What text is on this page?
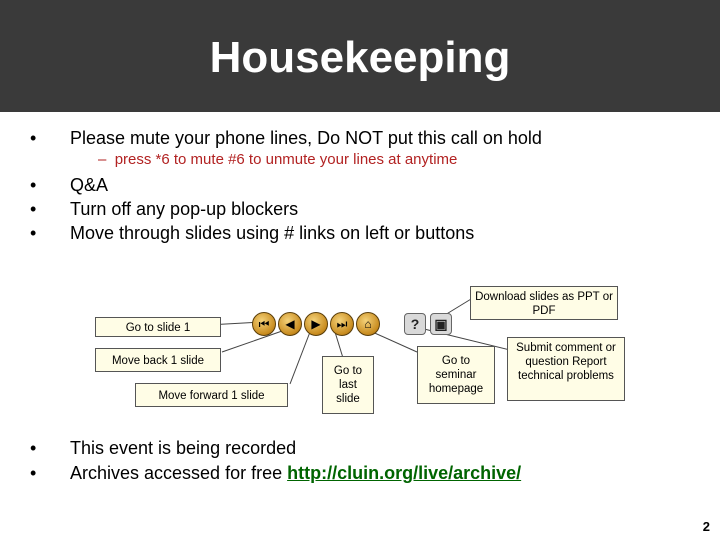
Housekeeping
• Please mute your phone lines, Do NOT put this call on hold
– press *6 to mute #6 to unmute your lines at anytime
• Q&A
• Turn off any pop-up blockers
• Move through slides using # links on left or buttons
⏮	◀	▶	⏭	⌂	?	▣
Download slides as PPT or PDF
Go to slide 1
Move back 1 slide
Move forward 1 slide
Go to last slide
Go to seminar homepage
Submit comment or question Report technical problems
• This event is being recorded
• Archives accessed for free http://cluin.org/live/archive/
2
